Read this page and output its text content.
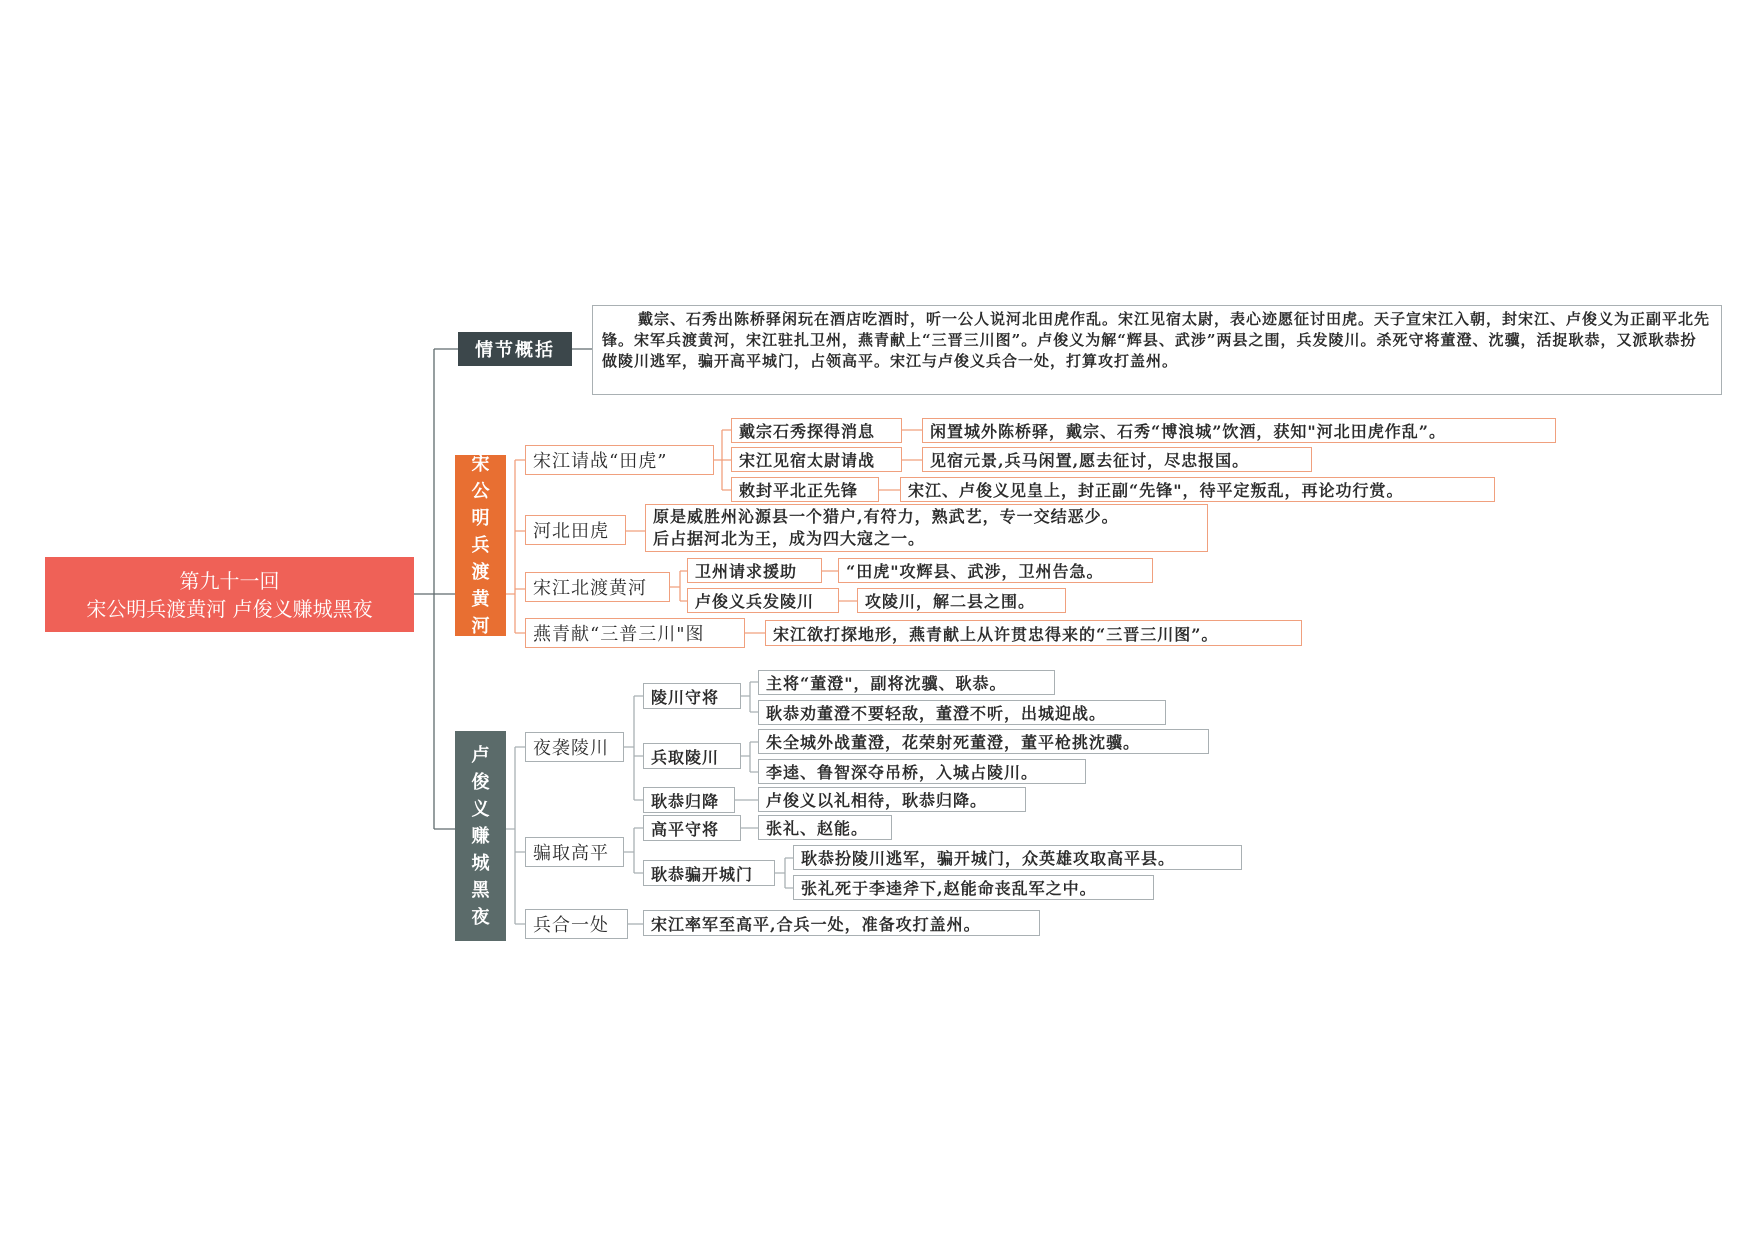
第九十一回
宋公明兵渡黄河 卢俊义赚城黑夜
情节概括
戴宗、石秀出陈桥驿闲玩在酒店吃酒时，听一公人说河北田虎作乱。宋江见宿太尉，表心迹愿征讨田虎。天子宣宋江入朝，封宋江、卢俊义为正副平北先锋。宋军兵渡黄河，宋江驻扎卫州，燕青献上“三晋三川图”。卢俊义为解“辉县、武涉”两县之围，兵发陵川。杀死守将董澄、沈骥，活捉耿恭，又派耿恭扮做陵川逃军，骗开高平城门，占领高平。宋江与卢俊义兵合一处，打算攻打盖州。
宋
公
明
兵
渡
黄
河
宋江请战“田虎”
戴宗石秀探得消息	闲置城外陈桥驿，戴宗、石秀“博浪城”饮酒，获知"河北田虎作乱”。
宋江见宿太尉请战	见宿元景,兵马闲置,愿去征讨，尽忠报国。
敕封平北正先锋	宋江、卢俊义见皇上，封正副“先锋"，待平定叛乱，再论功行赏。
河北田虎
原是威胜州沁源县一个猎户,有符力，熟武艺，专一交结恶少。
后占据河北为王，成为四大寇之一。
宋江北渡黄河
卫州请求援助	“田虎"攻辉县、武涉，卫州告急。
卢俊义兵发陵川	攻陵川，解二县之围。
燕青献“三普三川"图	宋江欲打探地形，燕青献上从许贯忠得来的“三晋三川图”。
卢
俊
义
赚
城
黑
夜
夜袭陵川
陵川守将
主将“董澄"，副将沈骥、耿恭。
耿恭劝董澄不要轻敌，董澄不听，出城迎战。
兵取陵川
朱全城外战董澄，花荣射死董澄，董平枪挑沈骥。
李逵、鲁智深夺吊桥，入城占陵川。
耿恭归降	卢俊义以礼相待，耿恭归降。
骗取高平
高平守将	张礼、赵能。
耿恭骗开城门
耿恭扮陵川逃军，骗开城门，众英雄攻取高平县。
张礼死于李逵斧下,赵能命丧乱军之中。
兵合一处	宋江率军至高平,合兵一处，准备攻打盖州。
